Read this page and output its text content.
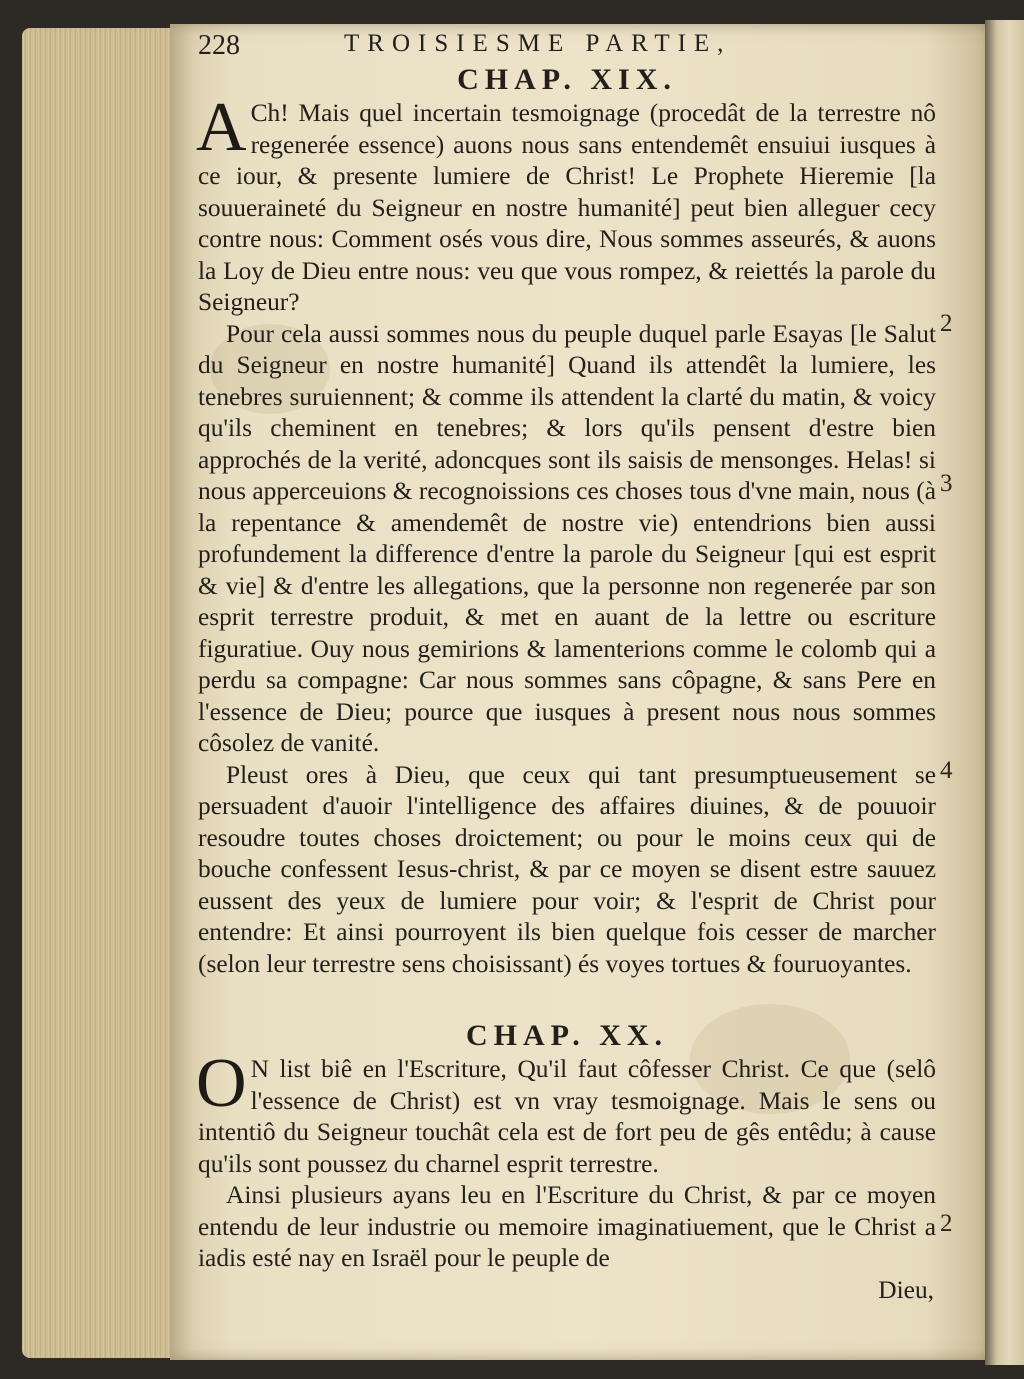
228	TROISIESME PARTIE,
CHAP. XIX.

A Ch! Mais quel incertain tesmoignage (procedât de la terrestre nô regenerée essence) auons nous sans entendemêt ensuiui iusques à ce iour, & presente lumiere de Christ! Le Prophete Hieremie [la souueraineté du Seigneur en nostre humanité] peut bien alleguer cecy contre nous: Comment osés vous dire, Nous sommes asseurés, & auons la Loy de Dieu entre nous: veu que vous rompez, & reiettés la parole du Seigneur?

Pour cela aussi sommes nous du peuple duquel parle Esayas [le Salut du Seigneur en nostre humanité] Quand ils attendêt la lumiere, les tenebres suruiennent; & comme ils attendent la clarté du matin, & voicy qu'ils cheminent en tenebres; & lors qu'ils pensent d'estre bien approchés de la verité, adoncques sont ils saisis de mensonges. Helas! si nous apperceuions & recognoissions ces choses tous d'vne main, nous (à la repentance & amendemêt de nostre vie) entendrions bien aussi profundement la difference d'entre la parole du Seigneur [qui est esprit & vie] & d'entre les allegations, que la personne non regenerée par son esprit terrestre produit, & met en auant de la lettre ou escriture figuratiue. Ouy nous gemirions & lamenterions comme le colomb qui a perdu sa compagne: Car nous sommes sans côpagne, & sans Pere en l'essence de Dieu; pource que iusques à present nous nous sommes côsolez de vanité.

Pleust ores à Dieu, que ceux qui tant presumptueusement se persuadent d'auoir l'intelligence des affaires diuines, & de pouuoir resoudre toutes choses droictement; ou pour le moins ceux qui de bouche confessent Iesus-christ, & par ce moyen se disent estre sauuez eussent des yeux de lumiere pour voir; & l'esprit de Christ pour entendre: Et ainsi pourroyent ils bien quelque fois cesser de marcher (selon leur terrestre sens choisissant) és voyes tortues & fouruoyantes.

CHAP. XX.

O N list biê en l'Escriture, Qu'il faut côfesser Christ. Ce que (selô l'essence de Christ) est vn vray tesmoignage. Mais le sens ou intentiô du Seigneur touchât cela est de fort peu de gês entêdu; à cause qu'ils sont poussez du charnel esprit terrestre.

Ainsi plusieurs ayans leu en l'Escriture du Christ, & par ce moyen entendu de leur industrie ou memoire imaginatiuement, que le Christ a iadis esté nay en Israël pour le peuple de

Dieu,

2
3
4
2
